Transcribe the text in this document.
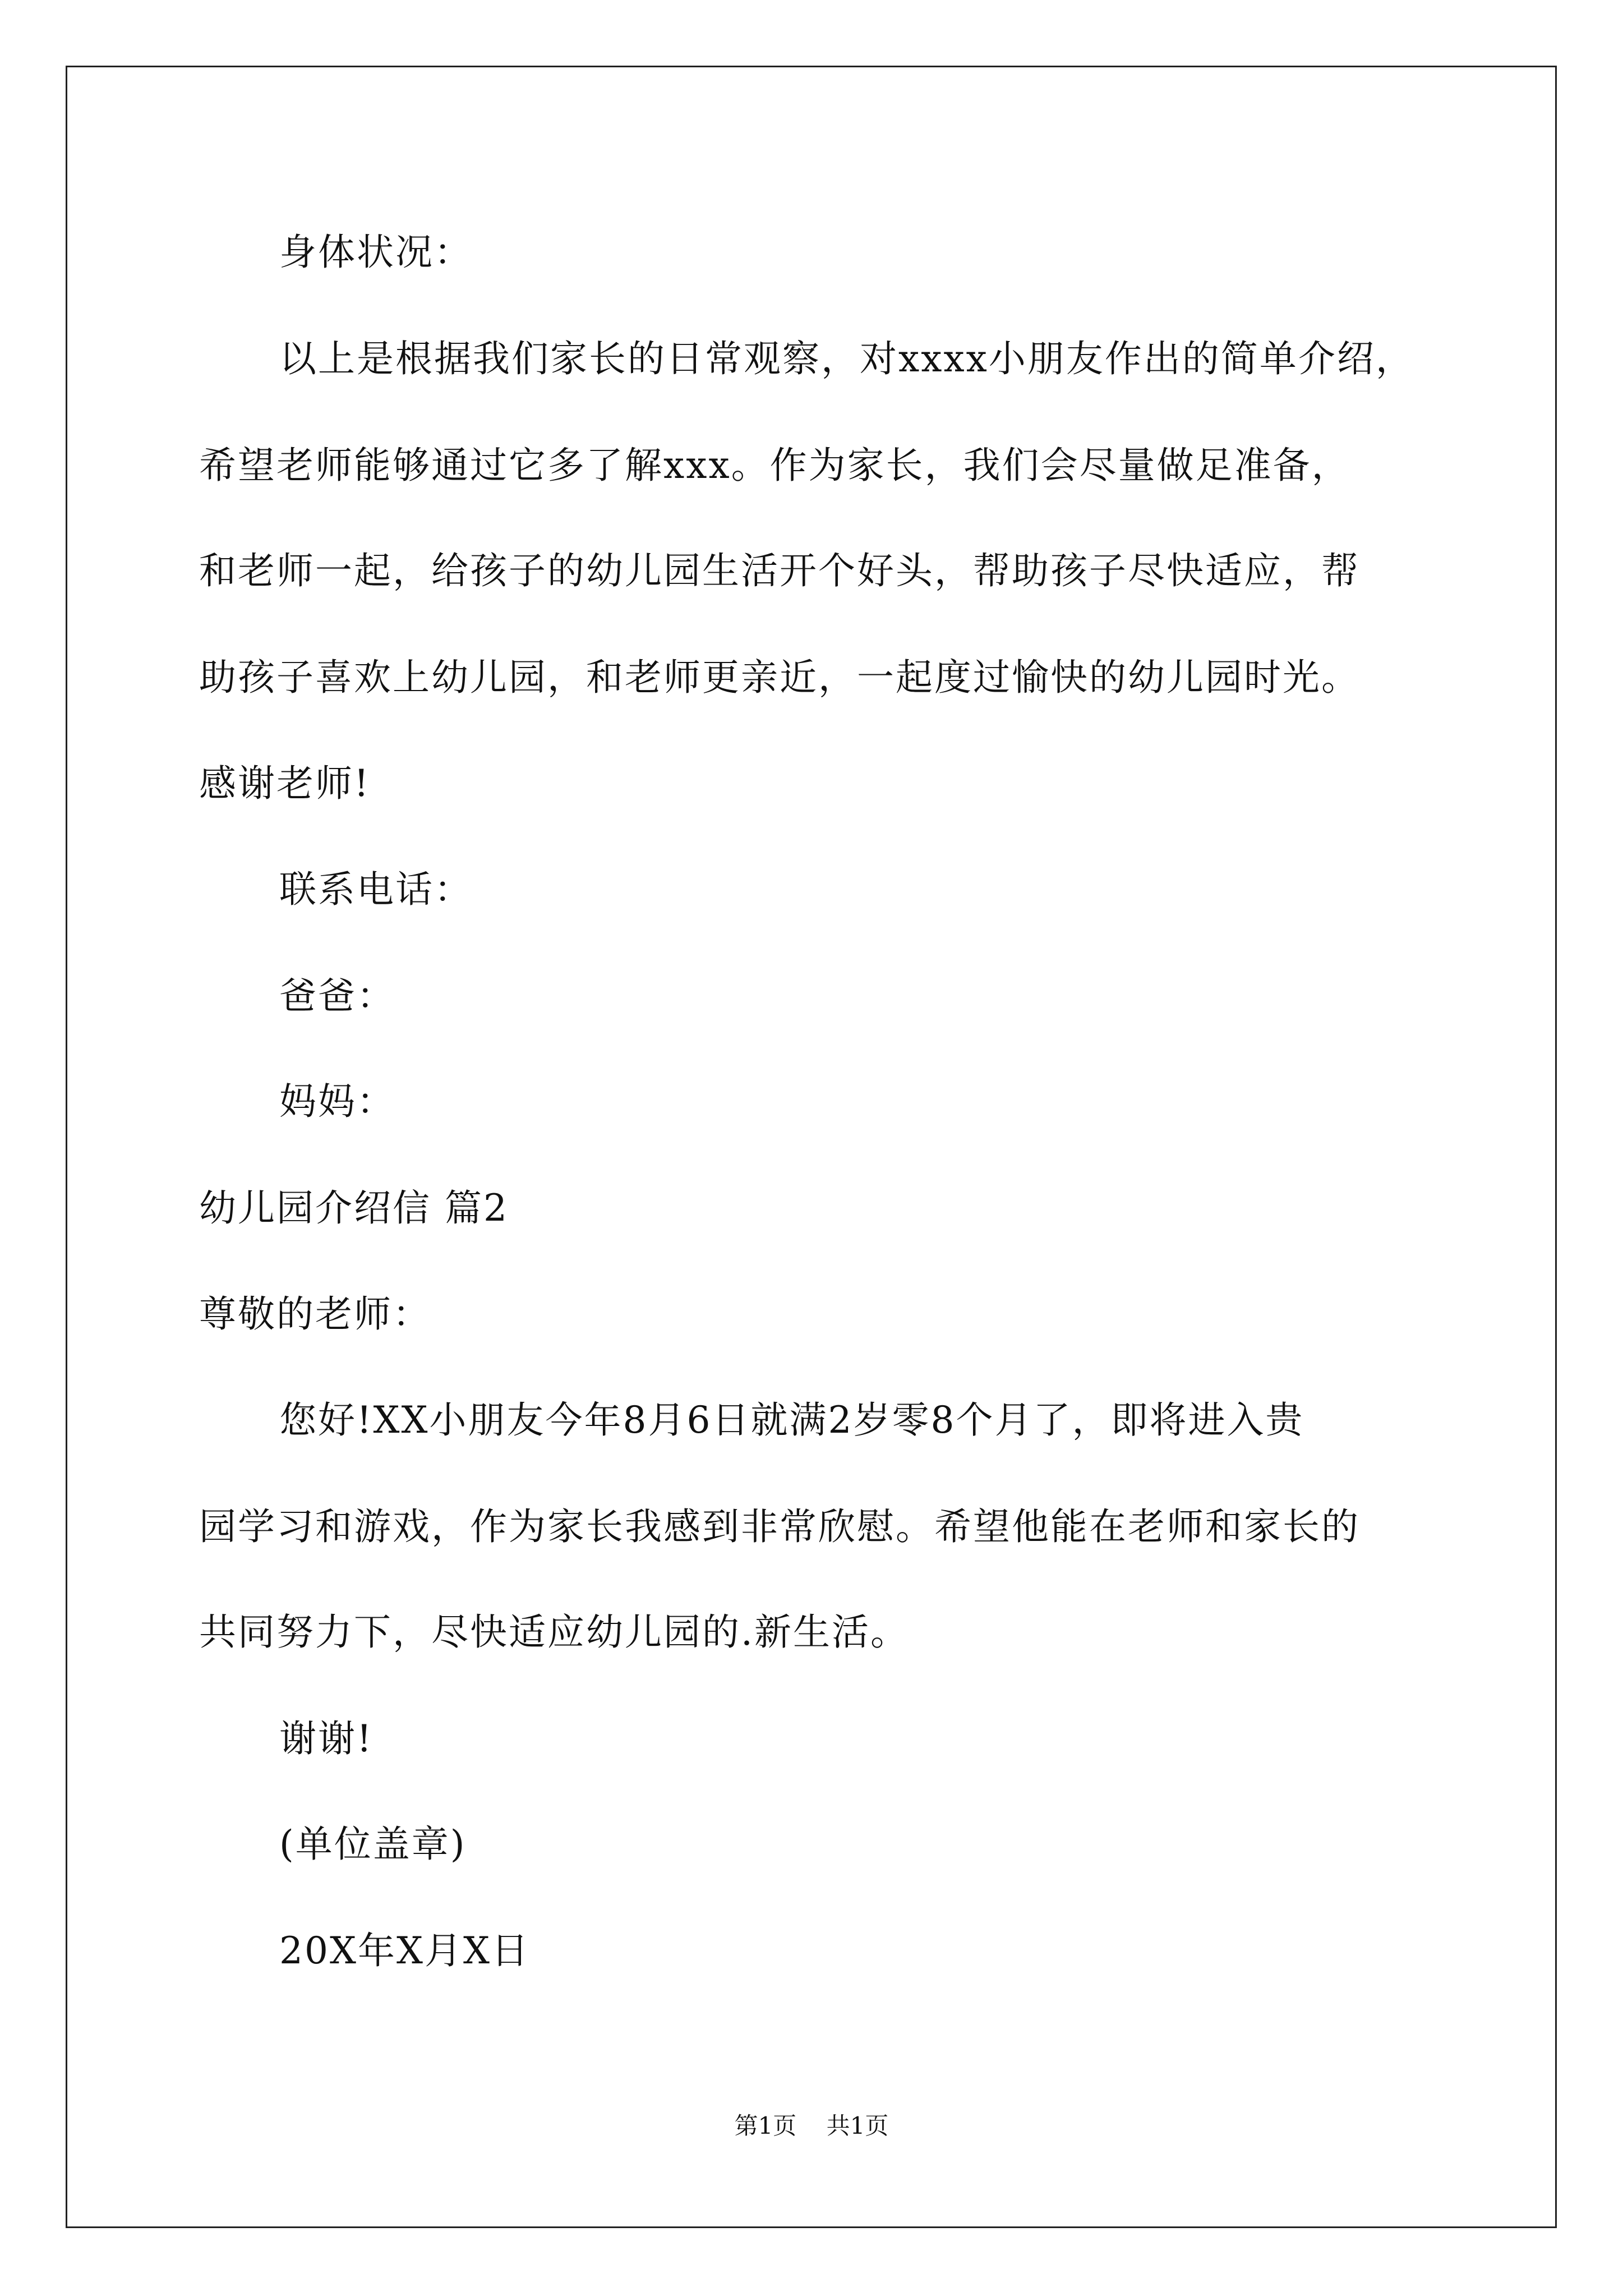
身体状况：
以上是根据我们家长的日常观察，对xxxx小朋友作出的简单介绍，
希望老师能够通过它多了解xxx。作为家长，我们会尽量做足准备，
和老师一起，给孩子的幼儿园生活开个好头，帮助孩子尽快适应，帮
助孩子喜欢上幼儿园，和老师更亲近，一起度过愉快的幼儿园时光。
感谢老师!
联系电话：
爸爸：
妈妈：
幼儿园介绍信 篇2
尊敬的老师：
您好!XX小朋友今年8月6日就满2岁零8个月了，即将进入贵
园学习和游戏，作为家长我感到非常欣慰。希望他能在老师和家长的
共同努力下，尽快适应幼儿园的.新生活。
谢谢!
(单位盖章)
20X年X月X日
第1页 共1页
